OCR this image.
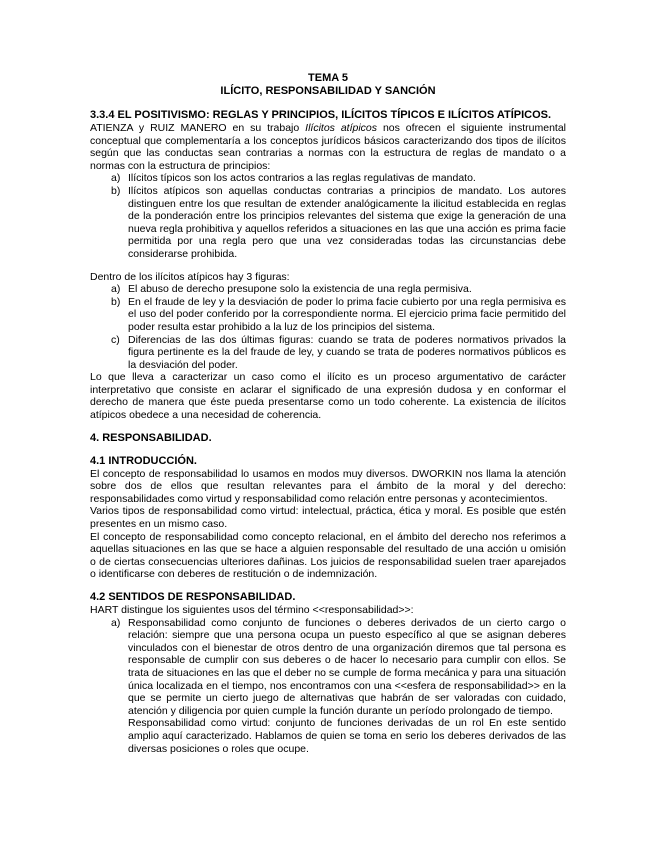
TEMA 5
ILÍCITO, RESPONSABILIDAD Y SANCIÓN
3.3.4 EL POSITIVISMO: REGLAS Y PRINCIPIOS, ILÍCITOS TÍPICOS E ILÍCITOS ATÍPICOS.

ATIENZA y RUIZ MANERO en su trabajo Ilícitos atípicos nos ofrecen el siguiente instrumental conceptual que complementaría a los conceptos jurídicos básicos caracterizando dos tipos de ilícitos según que las conductas sean contrarias a normas con la estructura de reglas de mandato o a normas con la estructura de principios:

a) Ilícitos típicos son los actos contrarios a las reglas regulativas de mandato.
b) Ilícitos atípicos son aquellas conductas contrarias a principios de mandato. Los autores distinguen entre los que resultan de extender analógicamente la ilicitud establecida en reglas de la ponderación entre los principios relevantes del sistema que exige la generación de una nueva regla prohibitiva y aquellos referidos a situaciones en las que una acción es prima facie permitida por una regla pero que una vez consideradas todas las circunstancias debe considerarse prohibida.

Dentro de los ilícitos atípicos hay 3 figuras:

a) El abuso de derecho presupone solo la existencia de una regla permisiva.
b) En el fraude de ley y la desviación de poder lo prima facie cubierto por una regla permisiva es el uso del poder conferido por la correspondiente norma. El ejercicio prima facie permitido del poder resulta estar prohibido a la luz de los principios del sistema.
c) Diferencias de las dos últimas figuras: cuando se trata de poderes normativos privados la figura pertinente es la del fraude de ley, y cuando se trata de poderes normativos públicos es la desviación del poder.

Lo que lleva a caracterizar un caso como el ilícito es un proceso argumentativo de carácter interpretativo que consiste en aclarar el significado de una expresión dudosa y en conformar el derecho de manera que éste pueda presentarse como un todo coherente. La existencia de ilícitos atípicos obedece a una necesidad de coherencia.

4. RESPONSABILIDAD.
4.1 INTRODUCCIÓN.

El concepto de responsabilidad lo usamos en modos muy diversos. DWORKIN nos llama la atención sobre dos de ellos que resultan relevantes para el ámbito de la moral y del derecho: responsabilidades como virtud y responsabilidad como relación entre personas y acontecimientos.

Varios tipos de responsabilidad como virtud: intelectual, práctica, ética y moral. Es posible que estén presentes en un mismo caso.

El concepto de responsabilidad como concepto relacional, en el ámbito del derecho nos referimos a aquellas situaciones en las que se hace a alguien responsable del resultado de una acción u omisión o de ciertas consecuencias ulteriores dañinas. Los juicios de responsabilidad suelen traer aparejados o identificarse con deberes de restitución o de indemnización.

4.2 SENTIDOS DE RESPONSABILIDAD.

HART distingue los siguientes usos del término <<responsabilidad>>:

a) Responsabilidad como conjunto de funciones o deberes derivados de un cierto cargo o relación: siempre que una persona ocupa un puesto específico al que se asignan deberes vinculados con el bienestar de otros dentro de una organización diremos que tal persona es responsable de cumplir con sus deberes o de hacer lo necesario para cumplir con ellos. Se trata de situaciones en las que el deber no se cumple de forma mecánica y para una situación única localizada en el tiempo, nos encontramos con una <<esfera de responsabilidad>> en la que se permite un cierto juego de alternativas que habrán de ser valoradas con cuidado, atención y diligencia por quien cumple la función durante un período prolongado de tiempo.
Responsabilidad como virtud: conjunto de funciones derivadas de un rol En este sentido amplio aquí caracterizado. Hablamos de quien se toma en serio los deberes derivados de las diversas posiciones o roles que ocupe.
